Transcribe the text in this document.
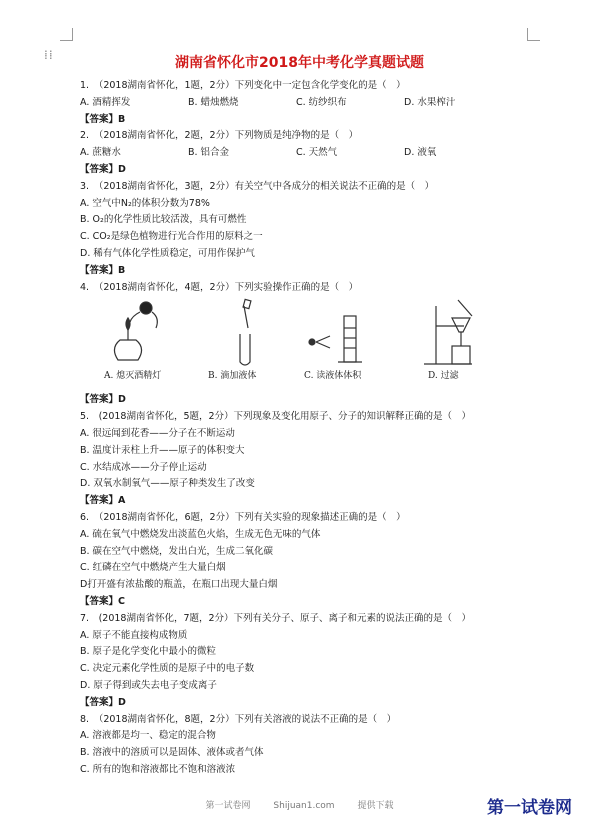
⁞⁞	湖南省怀化市2018年中考化学真题试题
1.　（2018湖南省怀化，1题，2分）下列变化中一定包含化学变化的是（　）
A. 酒精挥发	B. 蜡烛燃烧	C. 纺纱织布	D. 水果榨汁
【答案】B
2.　（2018湖南省怀化，2题，2分）下列物质是纯净物的是（　）
A. 蔗糖水	B. 铝合金	C. 天然气	D. 液氧
【答案】D
3.　（2018湖南省怀化，3题，2分）有关空气中各成分的相关说法不正确的是（　）
A. 空气中N₂的体积分数为78%
B. O₂的化学性质比较活泼，具有可燃性
C. CO₂是绿色植物进行光合作用的原料之一
D. 稀有气体化学性质稳定，可用作保护气
【答案】B
4.　（2018湖南省怀化，4题，2分）下列实验操作正确的是（　）
A. 熄灭酒精灯	B. 滴加液体	C. 读液体体积	D. 过滤
【答案】D
5.　(2018湖南省怀化，5题，2分）下列现象及变化用原子、分子的知识解释正确的是（　）
A. 很远闻到花香——分子在不断运动
B. 温度计汞柱上升——原子的体积变大
C. 水结成冰——分子停止运动
D. 双氧水制氧气——原子种类发生了改变
【答案】A
6.　（2018湖南省怀化，6题，2分）下列有关实验的现象描述正确的是（　）
A. 硫在氧气中燃烧发出淡蓝色火焰，生成无色无味的气体
B. 碳在空气中燃烧，发出白光，生成二氧化碳
C. 红磷在空气中燃烧产生大量白烟
D打开盛有浓盐酸的瓶盖，在瓶口出现大量白烟
【答案】C
7.　(2018湖南省怀化，7题，2分）下列有关分子、原子、离子和元素的说法正确的是（　）
A. 原子不能直接构成物质
B. 原子是化学变化中最小的微粒
C. 决定元素化学性质的是原子中的电子数
D. 原子得到或失去电子变成离子
【答案】D
8.　（2018湖南省怀化，8题，2分）下列有关溶液的说法不正确的是（　）
A. 溶液都是均一、稳定的混合物
B. 溶液中的溶质可以是固体、液体或者气体
C. 所有的饱和溶液都比不饱和溶液浓
第一试卷网	Shijuan1.com	提供下载	第一试卷网
